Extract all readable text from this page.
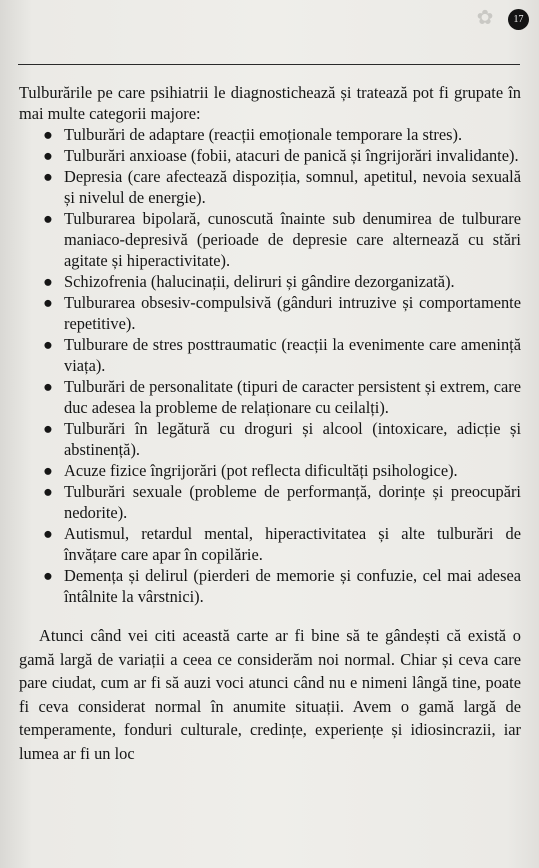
✿	17

Tulburările pe care psihiatrii le diagnostichează și tratează pot fi grupate în mai multe categorii majore:

● Tulburări de adaptare (reacții emoționale temporare la stres).
● Tulburări anxioase (fobii, atacuri de panică și îngrijorări invalidante).
● Depresia (care afectează dispoziția, somnul, apetitul, nevoia sexuală și nivelul de energie).
● Tulburarea bipolară, cunoscută înainte sub denumirea de tulburare maniaco-depresivă (perioade de depresie care alternează cu stări agitate și hiperactivitate).
● Schizofrenia (halucinații, deliruri și gândire dezorganizată).
● Tulburarea obsesiv-compulsivă (gânduri intruzive și comportamente repetitive).
● Tulburare de stres posttraumatic (reacții la evenimente care amenință viața).
● Tulburări de personalitate (tipuri de caracter persistent și extrem, care duc adesea la probleme de relaționare cu ceilalți).
● Tulburări în legătură cu droguri și alcool (intoxicare, adicție și abstinență).
● Acuze fizice îngrijorări (pot reflecta dificultăți psihologice).
● Tulburări sexuale (probleme de performanță, dorințe și preocupări nedorite).
● Autismul, retardul mental, hiperactivitatea și alte tulburări de învățare care apar în copilărie.
● Demența și delirul (pierderi de memorie și confuzie, cel mai adesea întâlnite la vârstnici).

Atunci când vei citi această carte ar fi bine să te gândești că există o gamă largă de variații a ceea ce considerăm noi normal. Chiar și ceva care pare ciudat, cum ar fi să auzi voci atunci când nu e nimeni lângă tine, poate fi ceva considerat normal în anumite situații. Avem o gamă largă de temperamente, fonduri culturale, credințe, experiențe și idiosincrazii, iar lumea ar fi un loc
